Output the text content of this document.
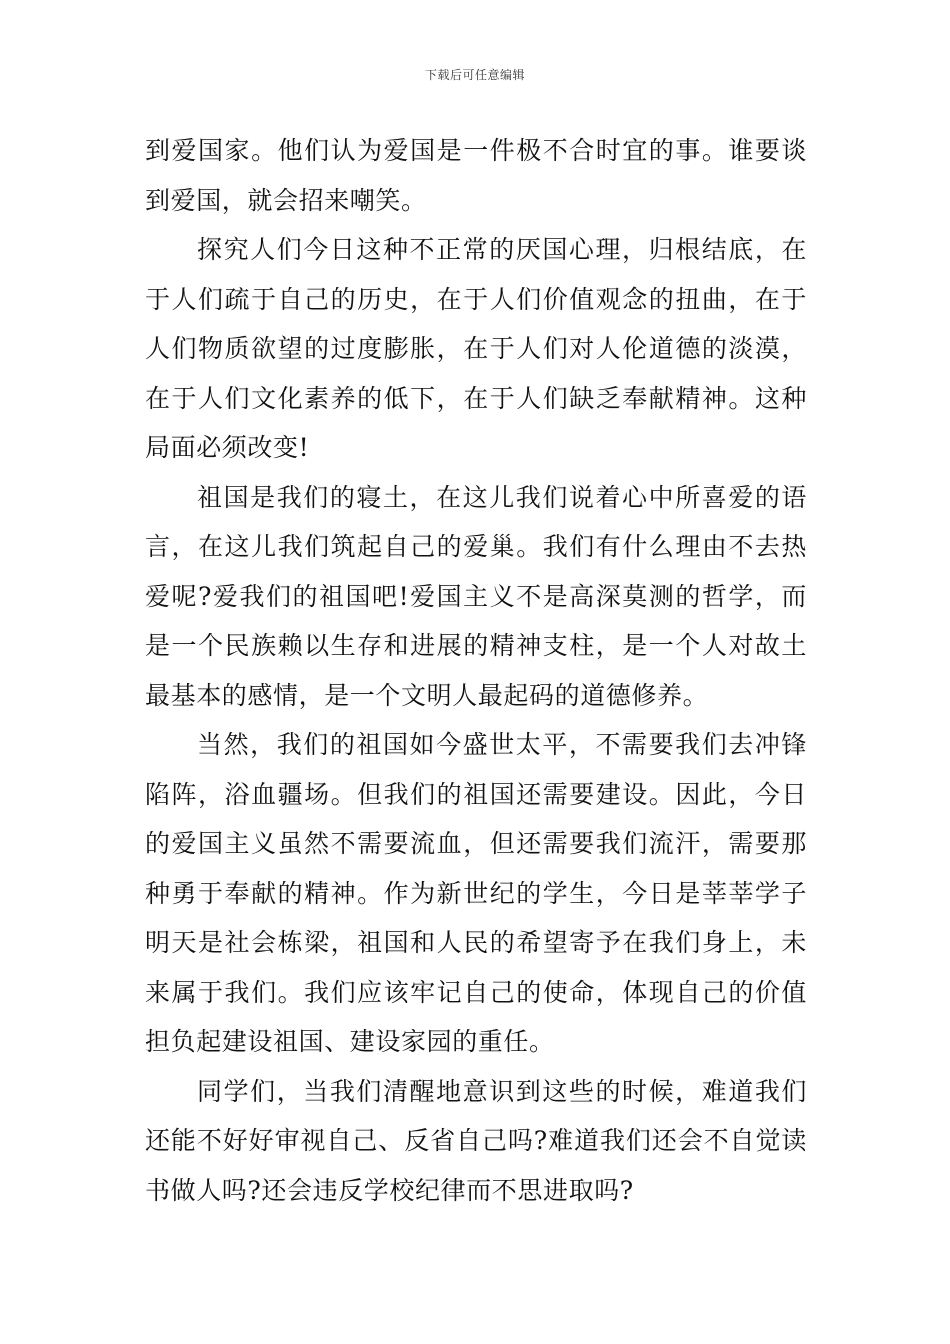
下载后可任意编辑

到爱国家。他们认为爱国是一件极不合时宜的事。谁要谈到爱国，就会招来嘲笑。

探究人们今日这种不正常的厌国心理，归根结底，在于人们疏于自己的历史，在于人们价值观念的扭曲，在于人们物质欲望的过度膨胀，在于人们对人伦道德的淡漠，在于人们文化素养的低下，在于人们缺乏奉献精神。这种局面必须改变!

祖国是我们的寝土，在这儿我们说着心中所喜爱的语言，在这儿我们筑起自己的爱巢。我们有什么理由不去热爱呢?爱我们的祖国吧!爱国主义不是高深莫测的哲学，而是一个民族赖以生存和进展的精神支柱，是一个人对故土最基本的感情，是一个文明人最起码的道德修养。

当然，我们的祖国如今盛世太平，不需要我们去冲锋陷阵，浴血疆场。但我们的祖国还需要建设。因此，今日的爱国主义虽然不需要流血，但还需要我们流汗，需要那种勇于奉献的精神。作为新世纪的学生，今日是莘莘学子明天是社会栋梁，祖国和人民的希望寄予在我们身上，未来属于我们。我们应该牢记自己的使命，体现自己的价值担负起建设祖国、建设家园的重任。

同学们，当我们清醒地意识到这些的时候，难道我们还能不好好审视自己、反省自己吗?难道我们还会不自觉读书做人吗?还会违反学校纪律而不思进取吗?
